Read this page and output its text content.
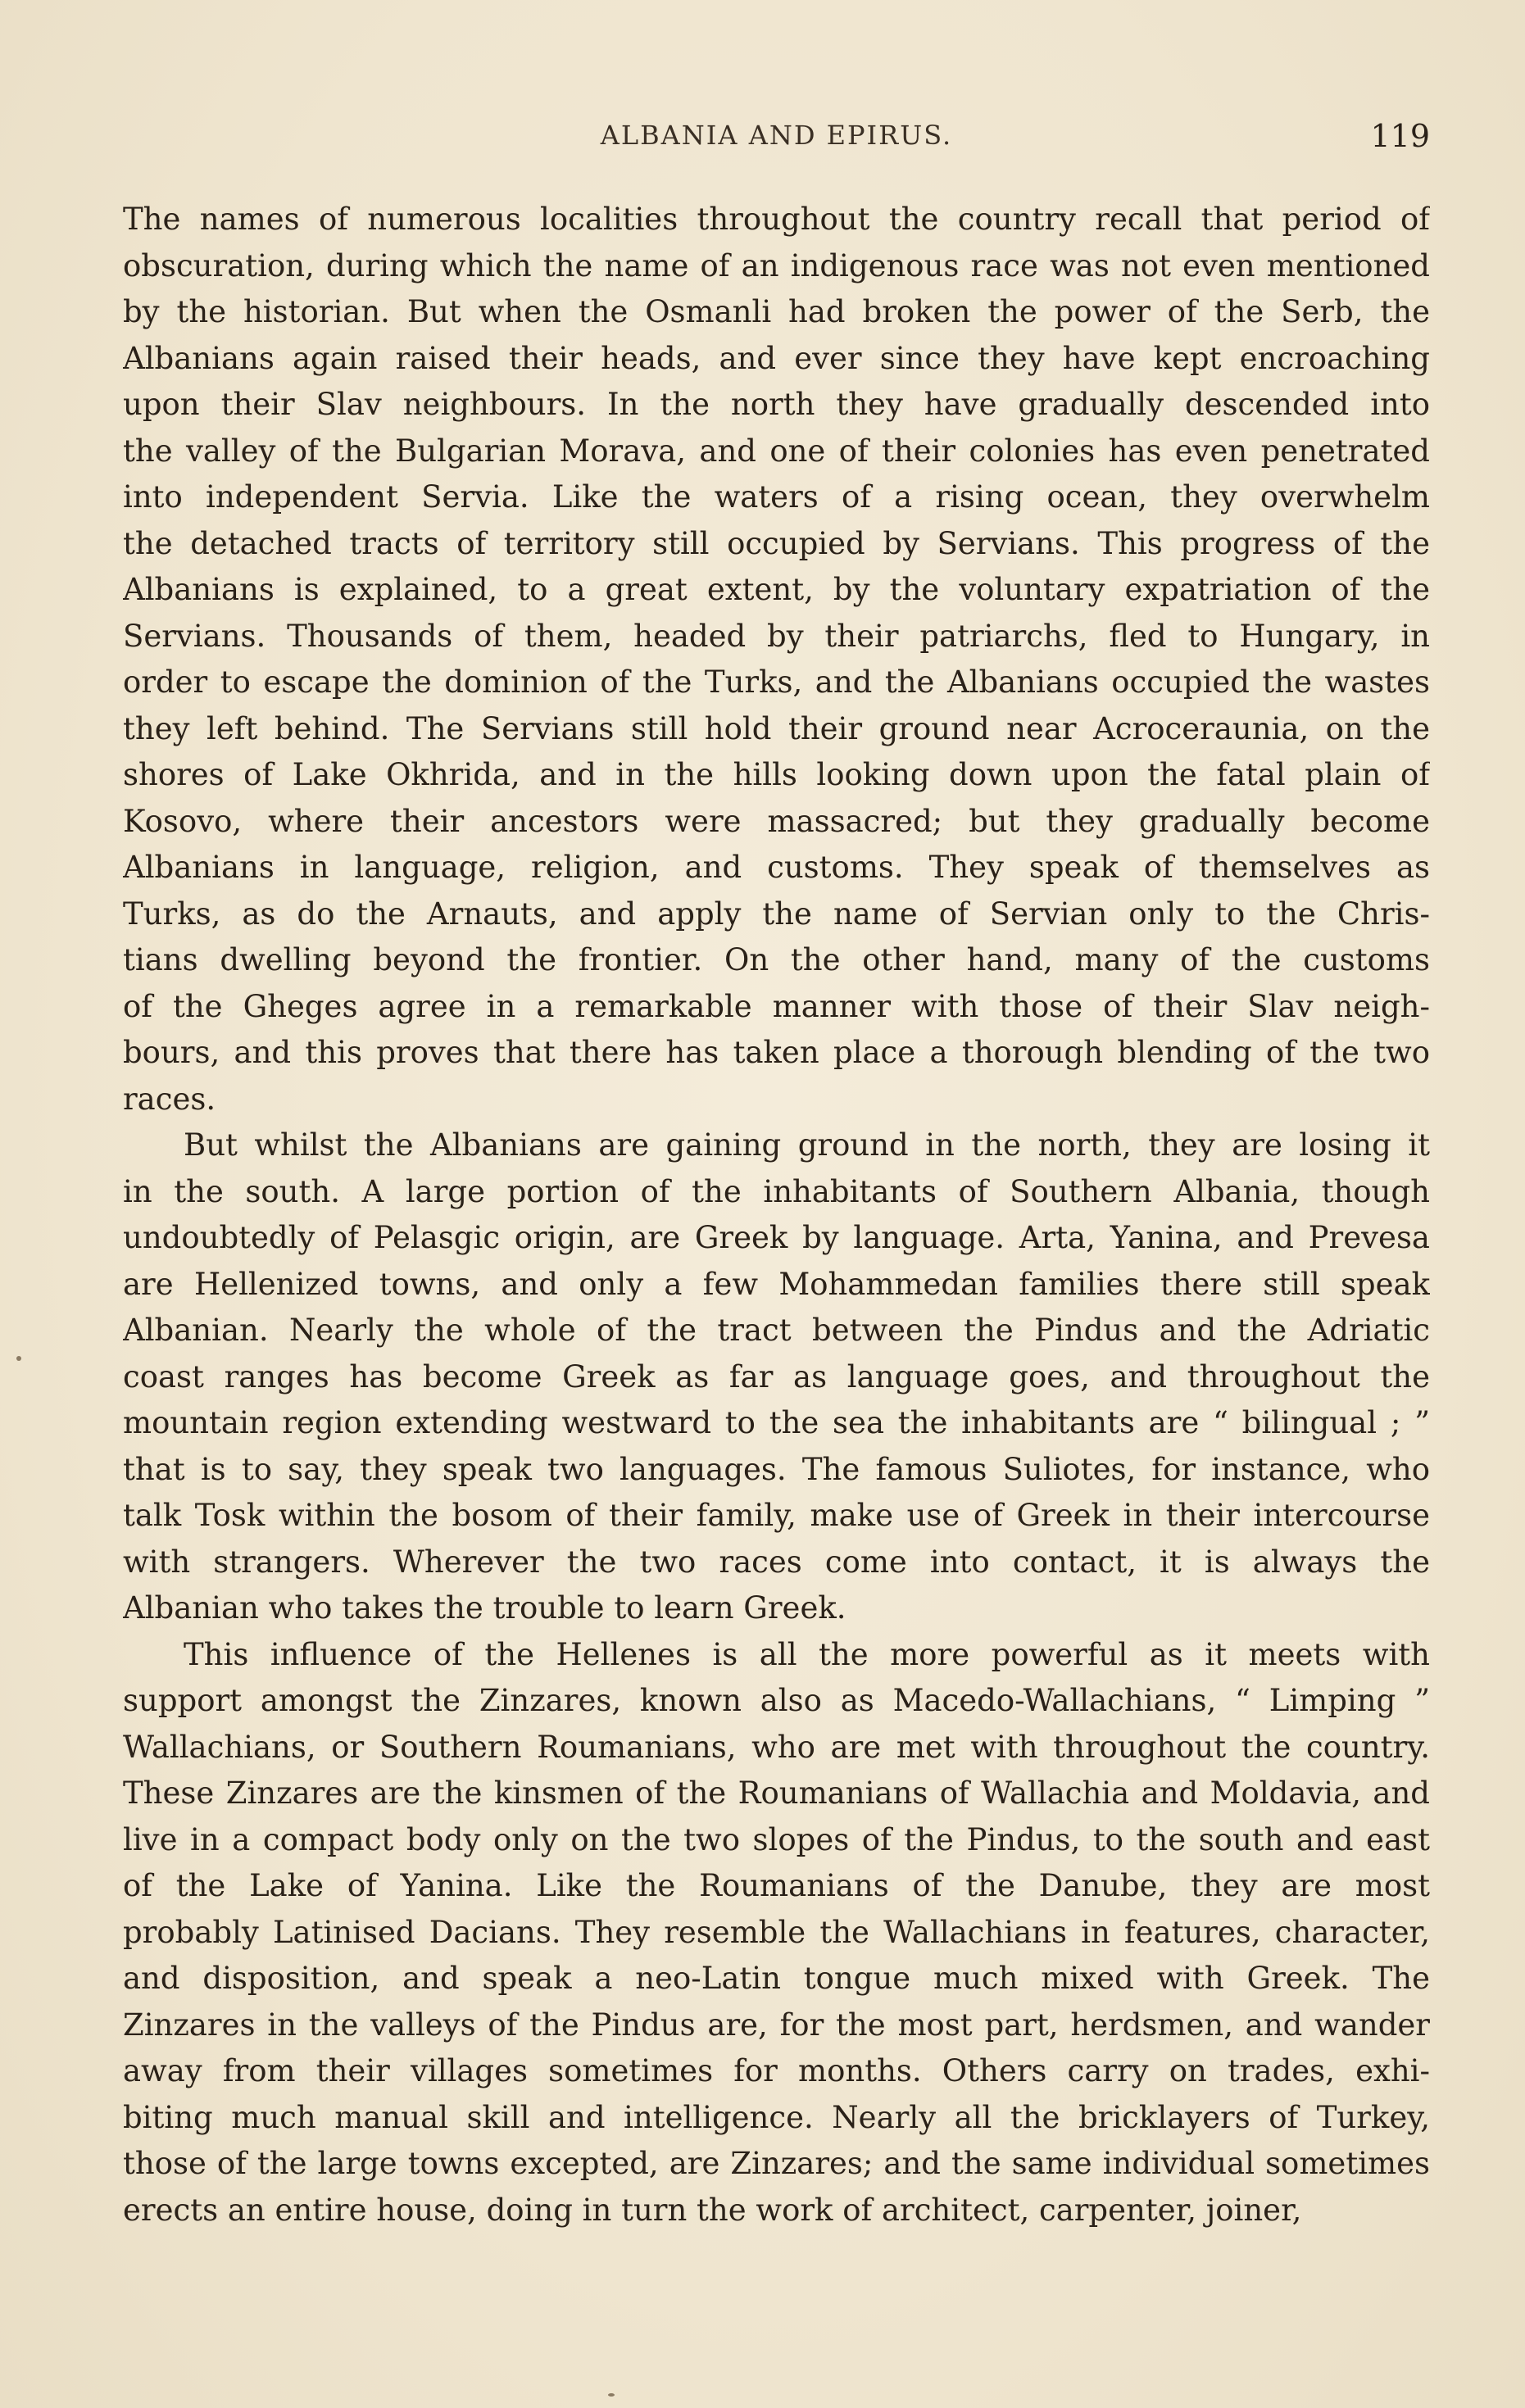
ALBANIA AND EPIRUS.	119
The names of numerous localities throughout the country recall that period of
obscuration, during which the name of an indigenous race was not even mentioned
by the historian. But when the Osmanli had broken the power of the Serb, the
Albanians again raised their heads, and ever since they have kept encroaching
upon their Slav neighbours. In the north they have gradually descended into
the valley of the Bulgarian Morava, and one of their colonies has even penetrated
into independent Servia. Like the waters of a rising ocean, they overwhelm
the detached tracts of territory still occupied by Servians. This progress of the
Albanians is explained, to a great extent, by the voluntary expatriation of the
Servians. Thousands of them, headed by their patriarchs, fled to Hungary, in
order to escape the dominion of the Turks, and the Albanians occupied the wastes
they left behind. The Servians still hold their ground near Acroceraunia, on the
shores of Lake Okhrida, and in the hills looking down upon the fatal plain of
Kosovo, where their ancestors were massacred; but they gradually become
Albanians in language, religion, and customs. They speak of themselves as
Turks, as do the Arnauts, and apply the name of Servian only to the Chris-
tians dwelling beyond the frontier. On the other hand, many of the customs
of the Gheges agree in a remarkable manner with those of their Slav neigh-
bours, and this proves that there has taken place a thorough blending of the two
races.
But whilst the Albanians are gaining ground in the north, they are losing it
in the south. A large portion of the inhabitants of Southern Albania, though
undoubtedly of Pelasgic origin, are Greek by language. Arta, Yanina, and Prevesa
are Hellenized towns, and only a few Mohammedan families there still speak
Albanian. Nearly the whole of the tract between the Pindus and the Adriatic
coast ranges has become Greek as far as language goes, and throughout the
mountain region extending westward to the sea the inhabitants are “ bilingual ; ”
that is to say, they speak two languages. The famous Suliotes, for instance, who
talk Tosk within the bosom of their family, make use of Greek in their intercourse
with strangers. Wherever the two races come into contact, it is always the
Albanian who takes the trouble to learn Greek.
This influence of the Hellenes is all the more powerful as it meets with
support amongst the Zinzares, known also as Macedo-Wallachians, “ Limping ”
Wallachians, or Southern Roumanians, who are met with throughout the country.
These Zinzares are the kinsmen of the Roumanians of Wallachia and Moldavia, and
live in a compact body only on the two slopes of the Pindus, to the south and east
of the Lake of Yanina. Like the Roumanians of the Danube, they are most
probably Latinised Dacians. They resemble the Wallachians in features, character,
and disposition, and speak a neo-Latin tongue much mixed with Greek. The
Zinzares in the valleys of the Pindus are, for the most part, herdsmen, and wander
away from their villages sometimes for months. Others carry on trades, exhi-
biting much manual skill and intelligence. Nearly all the bricklayers of Turkey,
those of the large towns excepted, are Zinzares; and the same individual sometimes
erects an entire house, doing in turn the work of architect, carpenter, joiner,
